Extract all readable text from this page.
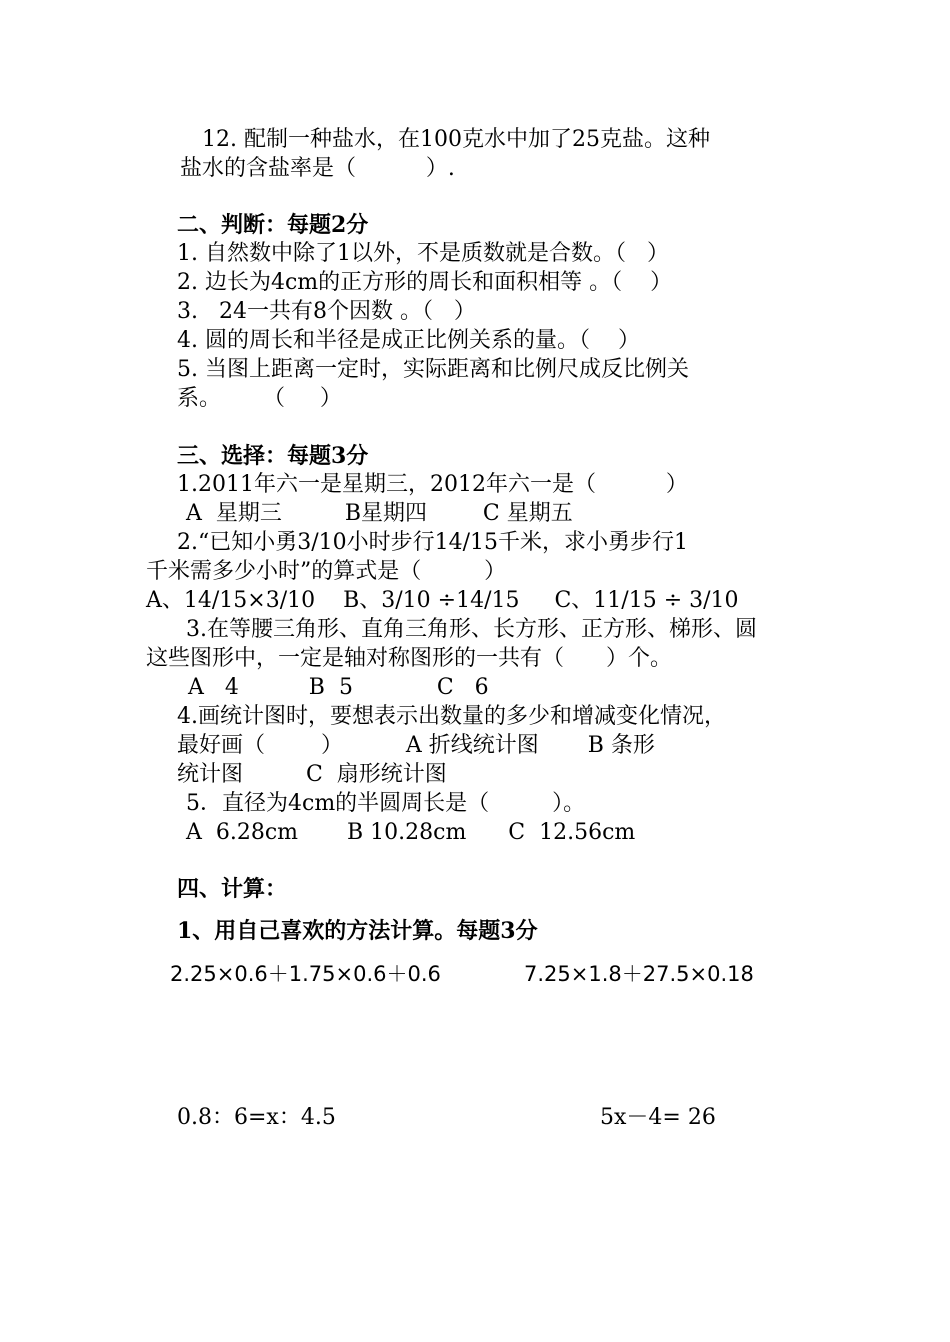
12. 配制一种盐水，在100克水中加了25克盐。这种
盐水的含盐率是（          ）.
二、判断：每题2分
1. 自然数中除了1以外，不是质数就是合数。（   ）
2. 边长为4cm的正方形的周长和面积相等 。（    ）
3.   24一共有8个因数 。（   ）
4. 圆的周长和半径是成正比例关系的量。（    ）
5. 当图上距离一定时，实际距离和比例尺成反比例关
系。      （     ）
三、选择：每题3分
1.2011年六一是星期三，2012年六一是（          ）
A  星期三         B星期四        C 星期五
2.“已知小勇3/10小时步行14/15千米，求小勇步行1
千米需多少小时”的算式是（         ）
A、14/15×3/10    B、3/10 ÷14/15     C、11/15 ÷ 3/10
3.在等腰三角形、直角三角形、长方形、正方形、梯形、圆
这些图形中，一定是轴对称图形的一共有（      ）个。
A   4          B  5            C   6
4.画统计图时，要想表示出数量的多少和增减变化情况，
最好画（        ）         A 折线统计图       B 条形
统计图         C  扇形统计图
5．直径为4cm的半圆周长是（         ）。
A  6.28cm       B 10.28cm      C  12.56cm
四、计算：
1、用自己喜欢的方法计算。每题3分
2.25×0.6＋1.75×0.6＋0.6	7.25×1.8＋27.5×0.18
0.8：6=x：4.5	5x－4= 26
